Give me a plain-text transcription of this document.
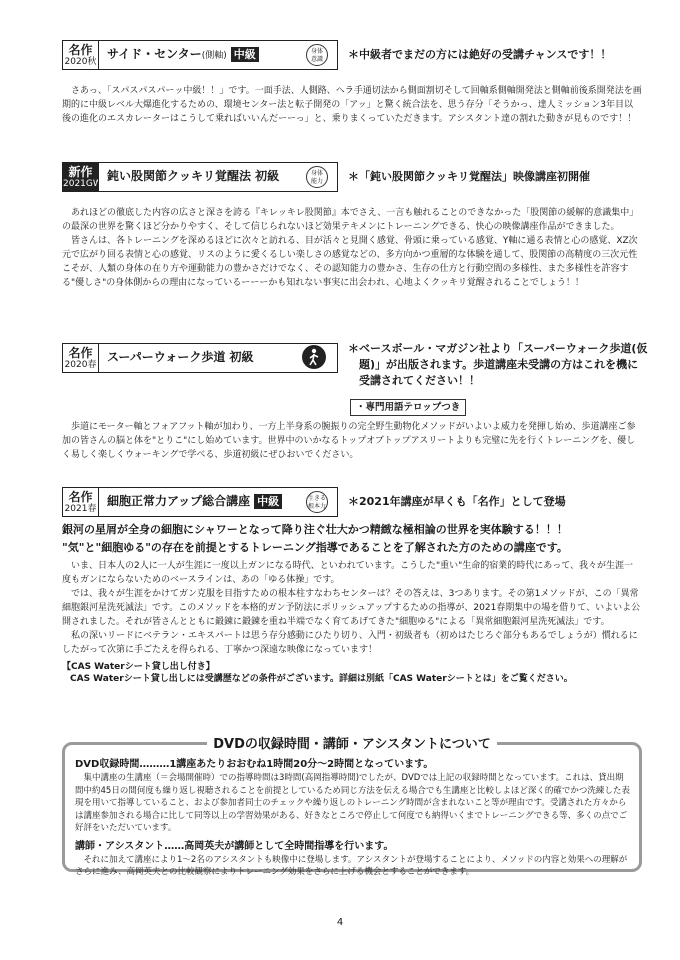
名作
2020秋
サイド・センター(側軸) 中級	身体
意識	＊中級者でまだの方には絶好の受講チャンスです！！

さあっ、「スパスパスパーッ中級！！」です。一面手法、人側路、ヘラ手通切法から側面割切そして回軸系側軸開発法と側軸前後系開発法を画期的に中級レベル大爆進化するための、環境センター法と転子開発の「アッ」と驚く統合法を、思う存分「そうかっ、達人ミッション3年目以後の進化のエスカレーターはこうして乗ればいいんだーーっ」と、乗りまくっていただきます。アシスタント達の割れた動きが見ものです！！

新作
2021GW
鈍い股関節クッキリ覚醒法 初級	身体
能力	＊「鈍い股関節クッキリ覚醒法」映像講座初開催

あれほどの徹底した内容の広さと深さを誇る『キレッキレ股関節』本でさえ、一言も触れることのできなかった「股関節の緩解的意識集中」の最深の世界を驚くほど分かりやすく、そして信じられないほど効果テキメンにトレーニングできる、快心の映像講座作品ができました。

皆さんは、各トレーニングを深めるほどに次々と訪れる、目が活々と見開く感覚、骨頭に乗っている感覚、Y軸に通る表情と心の感覚、XZ次元で広がり回る表情と心の感覚、リスのように愛くるしい楽しさの感覚などの、多方向かつ重層的な体験を通して、股関節の高精度の三次元性こそが、人類の身体の在り方や運動能力の豊かさだけでなく、その認知能力の豊かさ、生存の仕方と行動空間の多様性、また多様性を許容する"優しさ"の身体側からの理由になっているーーーかも知れない事実に出会われ、心地よくクッキリ覚醒されることでしょう！！

名作
2020春
スーパーウォーク歩道 初級
＊ベースボール・マガジン社より「スーパーウォーク歩道(仮題)」が出版されます。歩道講座未受講の方はこれを機に受講されてください！！
・専門用語テロップつき

歩道にモーター軸とフォアフット軸が加わり、一方上半身系の腕振りの完全野生動物化メソッドがいよいよ威力を発揮し始め、歩道講座ご参加の皆さんの脳と体を"とりこ"にし始めています。世界中のいかなるトップオブトップアスリートよりも完璧に先を行くトレーニングを、優しく易しく楽しくウォーキングで学べる、歩道初級にぜひおいでください。

名作
2021春
細胞正常力アップ総合講座 中級	生きる
根本力 ＊2021年講座が早くも「名作」として登場

銀河の星屑が全身の細胞にシャワーとなって降り注ぐ壮大かつ精緻な極相論の世界を実体験する！！！

"気"と"細胞ゆる"の存在を前提とするトレーニング指導であることを了解された方のための講座です。

いま、日本人の2人に一人が生涯に一度以上ガンになる時代、といわれています。こうした"重い"生命的宿業的時代にあって、我々が生涯一度もガンにならないためのベースラインは、あの「ゆる体操」です。

では、我々が生涯をかけてガン克服を目指すための根本柱すなわちセンターは？その答えは、3つあります。その第1メソッドが、この「異常細胞銀河星洗死滅法」です。このメソッドを本格的ガン予防法にポリッシュアップするための指導が、2021春期集中の場を借りて、いよいよ公開されました。それが皆さんとともに鍛錬に鍛錬を重ね半端でなく育てあげてきた"細胞ゆる"による「異常細胞銀河星洗死滅法」です。

私の深いリードにベテラン・エキスパートは思う存分感動にひたり切り、入門・初級者も（初めはたじろぐ部分もあるでしょうが）慣れるにしたがって次第に手ごたえを得られる、丁寧かつ深遠な映像になっています！

【CAS Waterシート貸し出し付き】

CAS Waterシート貸し出しには受講歴などの条件がございます。詳細は別紙「CAS Waterシートとは」をご覧ください。

DVDの収録時間・講師・アシスタントについて

DVD収録時間………1講座あたりおおむね1時間20分〜2時間となっています。

集中講座の生講座（＝会場開催時）での指導時間は3時間(高岡指導時間)でしたが、DVDでは上記の収録時間となっています。これは、貸出期間中約45日の間何度も繰り返し視聴されることを前提としているため同じ方法を伝える場合でも生講座と比較しよほど深く的確でかつ洗練した表現を用いて指導していること、および参加者同士のチェックや繰り返しのトレーニング時間が含まれないこと等が理由です。受講された方々からは講座参加される場合に比して同等以上の学習効果がある、好きなところで停止して何度でも納得いくまでトレーニングできる等、多くの点でご好評をいただいています。

講師・アシスタント……高岡英夫が講師として全時間指導を行います。

それに加えて講座により1〜2名のアシスタントも映像中に登場します。アシスタントが登場することにより、メソッドの内容と効果への理解がさらに進み、高岡英夫との比較観察によりトレーニング効果をさらに上げる機会とすることができます。

4
